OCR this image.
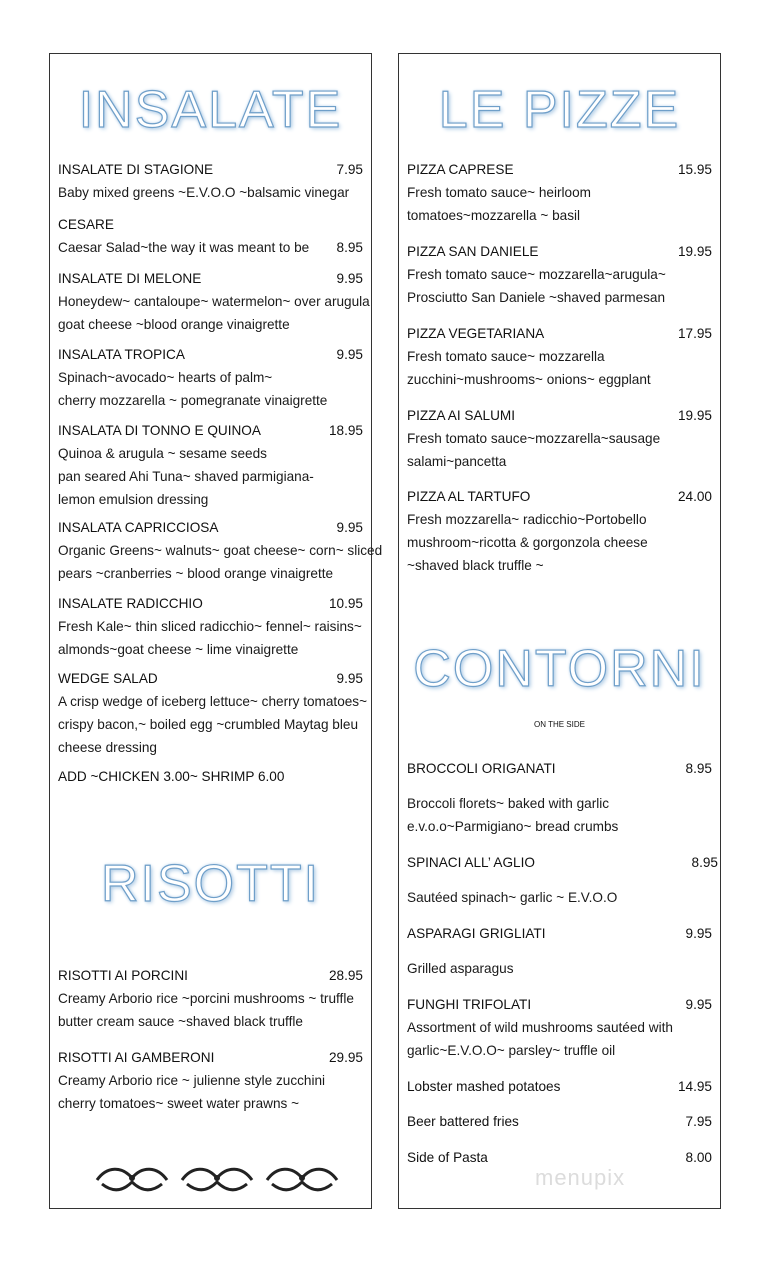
INSALATE
INSALATE DI STAGIONE	7.95
Baby mixed greens ~E.V.O.O ~balsamic vinegar
CESARE
Caesar Salad~the way it was meant to be	8.95
INSALATE DI MELONE	9.95
Honeydew~ cantaloupe~ watermelon~ over arugula
goat cheese ~blood orange vinaigrette
INSALATA TROPICA	9.95
Spinach~avocado~ hearts of palm~
cherry mozzarella ~ pomegranate vinaigrette
INSALATA DI TONNO E QUINOA	18.95
Quinoa & arugula ~ sesame seeds
pan seared Ahi Tuna~ shaved parmigiana-
lemon emulsion dressing
INSALATA CAPRICCIOSA	9.95
Organic Greens~ walnuts~ goat cheese~ corn~ sliced
pears ~cranberries ~ blood orange vinaigrette
INSALATE RADICCHIO	10.95
Fresh Kale~ thin sliced radicchio~ fennel~ raisins~
almonds~goat cheese ~ lime vinaigrette
WEDGE SALAD	9.95
A crisp wedge of iceberg lettuce~ cherry tomatoes~
crispy bacon,~ boiled egg ~crumbled Maytag bleu
cheese dressing
ADD ~CHICKEN 3.00~ SHRIMP 6.00
RISOTTI
RISOTTI AI PORCINI	28.95
Creamy Arborio rice ~porcini mushrooms ~ truffle
butter cream sauce ~shaved black truffle
RISOTTI AI GAMBERONI	29.95
Creamy Arborio rice ~ julienne style zucchini
cherry tomatoes~ sweet water prawns ~
LE PIZZE
PIZZA CAPRESE	15.95
Fresh tomato sauce~ heirloom
tomatoes~mozzarella ~ basil
PIZZA SAN DANIELE	19.95
Fresh tomato sauce~ mozzarella~arugula~
Prosciutto San Daniele ~shaved parmesan
PIZZA VEGETARIANA	17.95
Fresh tomato sauce~ mozzarella
zucchini~mushrooms~ onions~ eggplant
PIZZA AI SALUMI	19.95
Fresh tomato sauce~mozzarella~sausage
salami~pancetta
PIZZA AL TARTUFO	24.00
Fresh mozzarella~ radicchio~Portobello
mushroom~ricotta & gorgonzola cheese
~shaved black truffle ~
CONTORNI
ON THE SIDE
BROCCOLI ORIGANATI	8.95
Broccoli florets~ baked with garlic
e.v.o.o~Parmigiano~ bread crumbs
SPINACI ALL’ AGLIO	8.95
Sautéed spinach~ garlic ~ E.V.O.O
ASPARAGI GRIGLIATI	9.95
Grilled asparagus
FUNGHI TRIFOLATI	9.95
Assortment of wild mushrooms sautéed with
garlic~E.V.O.O~ parsley~ truffle oil
Lobster mashed potatoes	14.95
Beer battered fries	7.95
Side of Pasta	8.00
menupix
